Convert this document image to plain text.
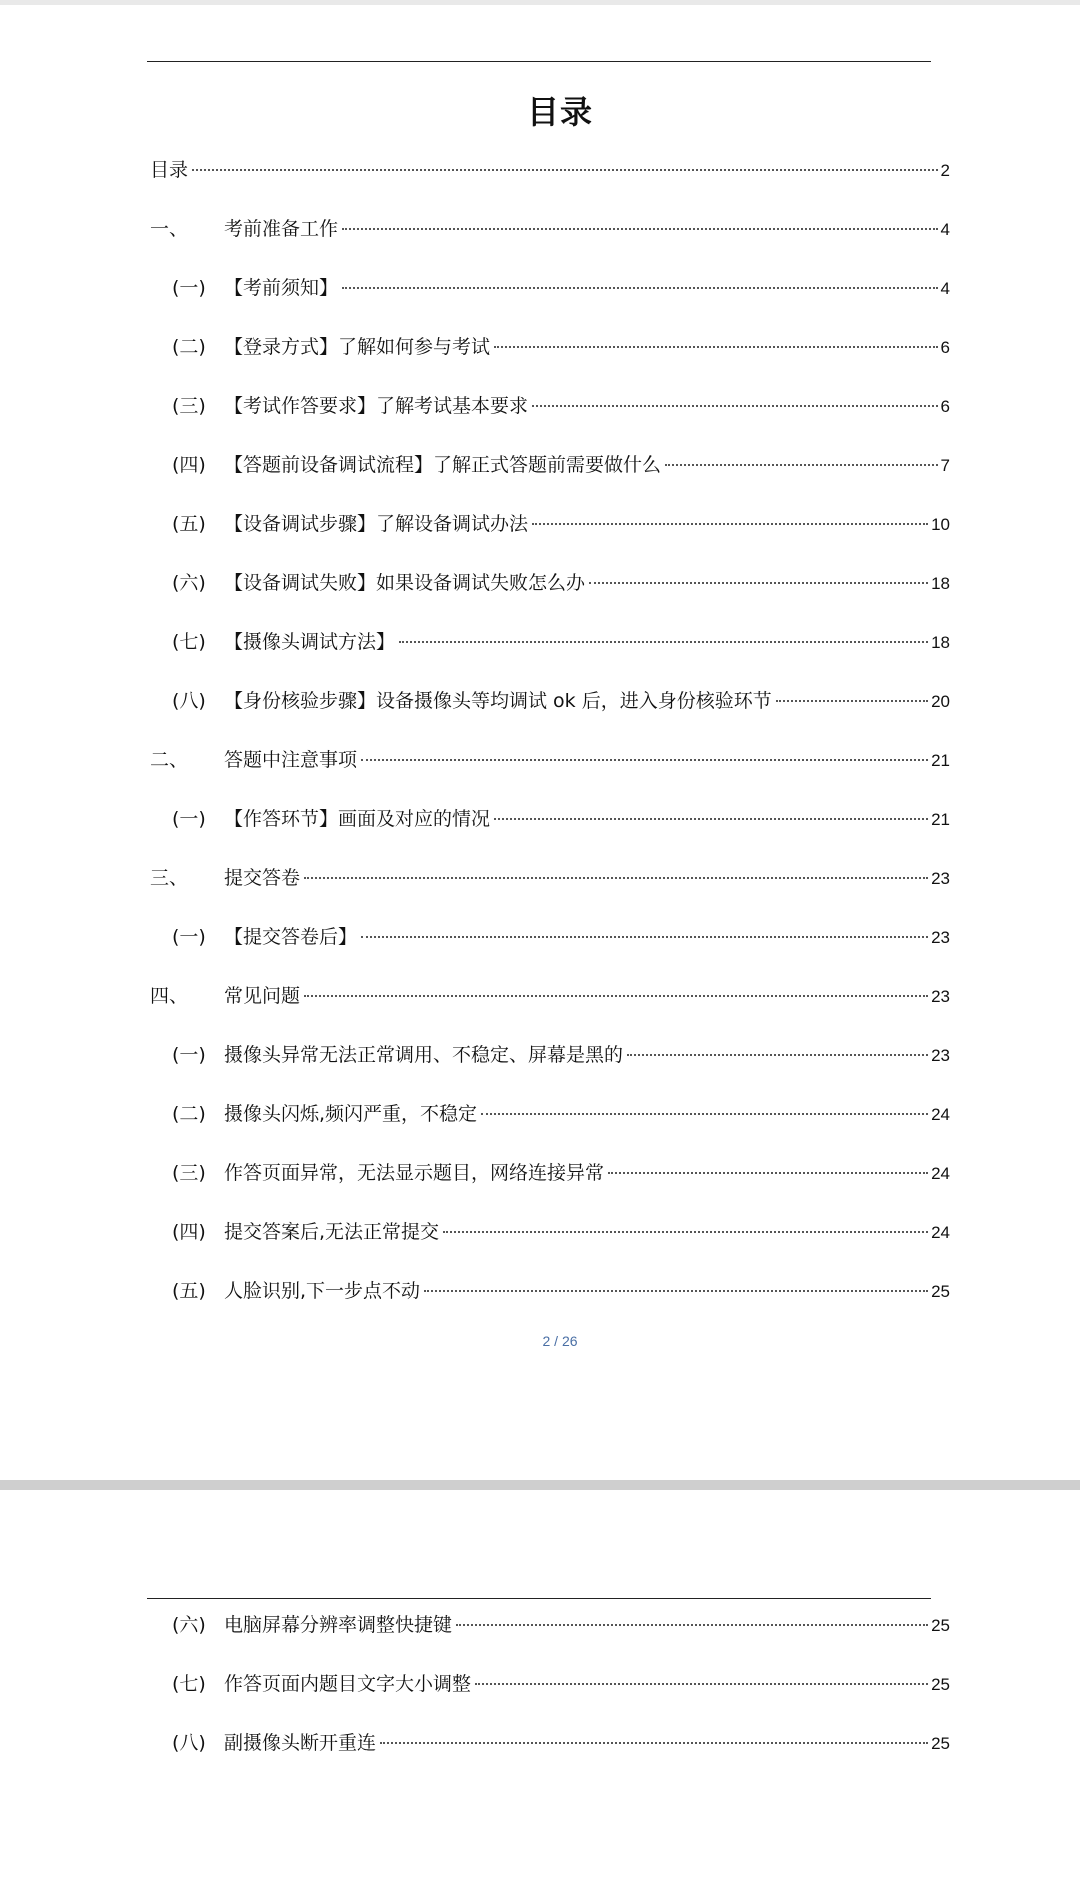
目录
目录	2
一、	考前准备工作	4
(一) 【考前须知】	4
(二) 【登录方式】了解如何参与考试	6
(三) 【考试作答要求】了解考试基本要求	6
(四) 【答题前设备调试流程】了解正式答题前需要做什么	7
(五) 【设备调试步骤】了解设备调试办法	10
(六) 【设备调试失败】如果设备调试失败怎么办	18
(七) 【摄像头调试方法】	18
(八) 【身份核验步骤】设备摄像头等均调试 ok 后，进入身份核验环节	20
二、	答题中注意事项	21
(一) 【作答环节】画面及对应的情况	21
三、	提交答卷	23
(一) 【提交答卷后】	23
四、	常见问题	23
(一) 摄像头异常无法正常调用、不稳定、屏幕是黑的	23
(二) 摄像头闪烁,频闪严重，不稳定	24
(三) 作答页面异常，无法显示题目，网络连接异常	24
(四) 提交答案后,无法正常提交	24
(五) 人脸识别,下一步点不动	25
2 / 26
(六) 电脑屏幕分辨率调整快捷键	25
(七) 作答页面内题目文字大小调整	25
(八) 副摄像头断开重连	25
